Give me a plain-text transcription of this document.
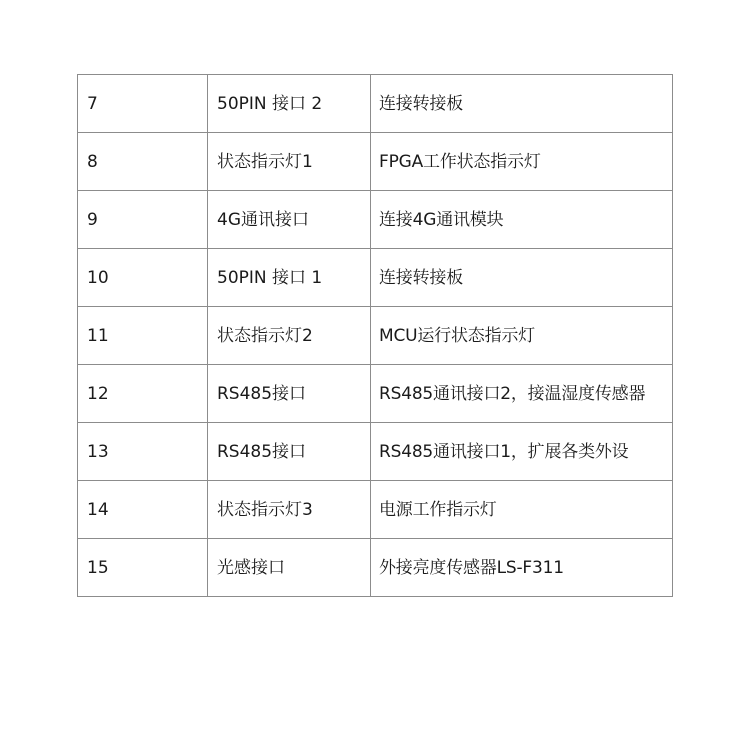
7	50PIN 接口 2	连接转接板
8	状态指示灯1	FPGA工作状态指示灯
9	4G通讯接口	连接4G通讯模块
10	50PIN 接口 1	连接转接板
11	状态指示灯2	MCU运行状态指示灯
12	RS485接口	RS485通讯接口2，接温湿度传感器
13	RS485接口	RS485通讯接口1，扩展各类外设
14	状态指示灯3	电源工作指示灯
15	光感接口	外接亮度传感器LS-F311
